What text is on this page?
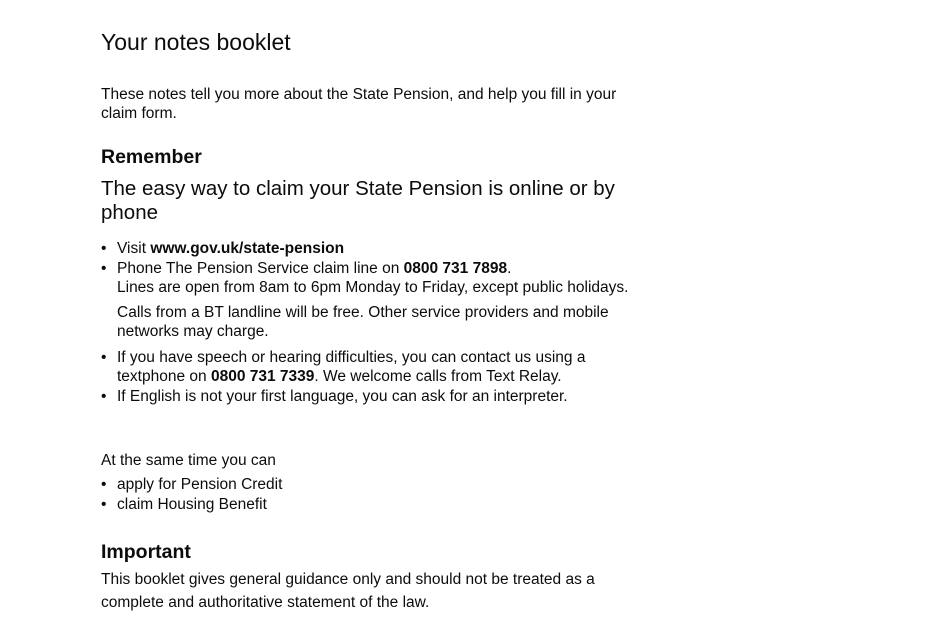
Your notes booklet

These notes tell you more about the State Pension, and help you fill in your claim form.

Remember
The easy way to claim your State Pension is online or by phone
• Visit www.gov.uk/state-pension
• Phone The Pension Service claim line on 0800 731 7898.
Lines are open from 8am to 6pm Monday to Friday, except public holidays.
Calls from a BT landline will be free. Other service providers and mobile networks may charge.
• If you have speech or hearing difficulties, you can contact us using a textphone on 0800 731 7339. We welcome calls from Text Relay.
• If English is not your first language, you can ask for an interpreter.

At the same time you can

• apply for Pension Credit
• claim Housing Benefit
Important

This booklet gives general guidance only and should not be treated as a complete and authoritative statement of the law.
